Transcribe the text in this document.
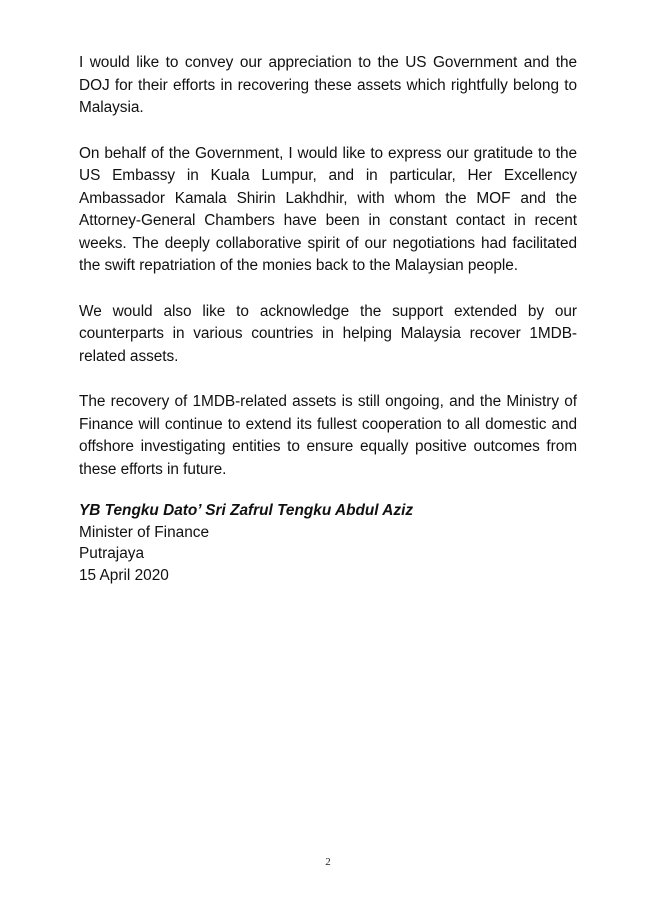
I would like to convey our appreciation to the US Government and the DOJ for their efforts in recovering these assets which rightfully belong to Malaysia.

On behalf of the Government, I would like to express our gratitude to the US Embassy in Kuala Lumpur, and in particular, Her Excellency Ambassador Kamala Shirin Lakhdhir, with whom the MOF and the Attorney-General Chambers have been in constant contact in recent weeks. The deeply collaborative spirit of our negotiations had facilitated the swift repatriation of the monies back to the Malaysian people.

We would also like to acknowledge the support extended by our counterparts in various countries in helping Malaysia recover 1MDB-related assets.

The recovery of 1MDB-related assets is still ongoing, and the Ministry of Finance will continue to extend its fullest cooperation to all domestic and offshore investigating entities to ensure equally positive outcomes from these efforts in future.

YB Tengku Dato’ Sri Zafrul Tengku Abdul Aziz
Minister of Finance
Putrajaya
15 April 2020
2
